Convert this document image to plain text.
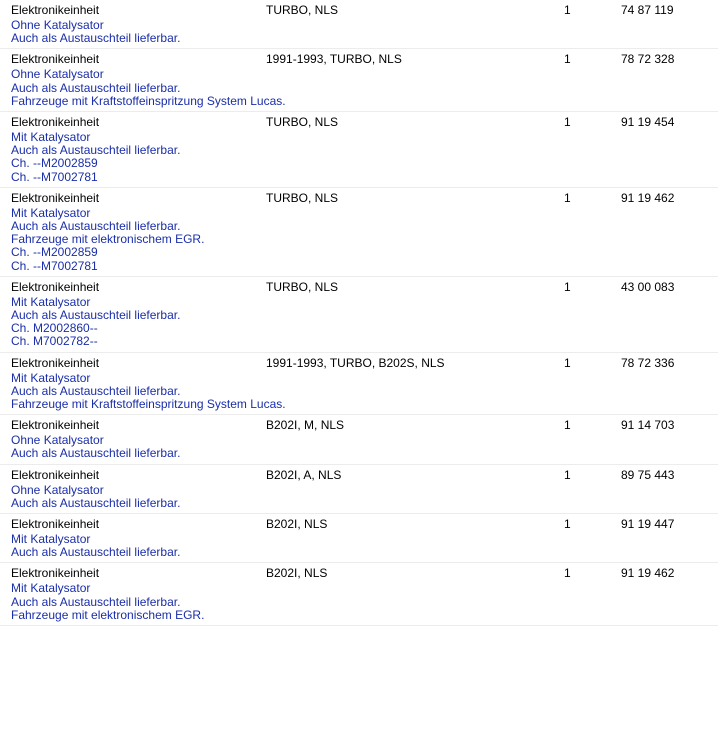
Elektronikeinheit	TURBO, NLS	1	74 87 119
Ohne Katalysator
Auch als Austauschteil lieferbar.
Elektronikeinheit	1991-1993, TURBO, NLS	1	78 72 328
Ohne Katalysator
Auch als Austauschteil lieferbar.
Fahrzeuge mit Kraftstoffeinspritzung System Lucas.
Elektronikeinheit	TURBO, NLS	1	91 19 454
Mit Katalysator
Auch als Austauschteil lieferbar.
Ch. --M2002859
Ch. --M7002781
Elektronikeinheit	TURBO, NLS	1	91 19 462
Mit Katalysator
Auch als Austauschteil lieferbar.
Fahrzeuge mit elektronischem EGR.
Ch. --M2002859
Ch. --M7002781
Elektronikeinheit	TURBO, NLS	1	43 00 083
Mit Katalysator
Auch als Austauschteil lieferbar.
Ch. M2002860--
Ch. M7002782--
Elektronikeinheit	1991-1993, TURBO, B202S, NLS	1	78 72 336
Mit Katalysator
Auch als Austauschteil lieferbar.
Fahrzeuge mit Kraftstoffeinspritzung System Lucas.
Elektronikeinheit	B202I, M, NLS	1	91 14 703
Ohne Katalysator
Auch als Austauschteil lieferbar.
Elektronikeinheit	B202I, A, NLS	1	89 75 443
Ohne Katalysator
Auch als Austauschteil lieferbar.
Elektronikeinheit	B202I, NLS	1	91 19 447
Mit Katalysator
Auch als Austauschteil lieferbar.
Elektronikeinheit	B202I, NLS	1	91 19 462
Mit Katalysator
Auch als Austauschteil lieferbar.
Fahrzeuge mit elektronischem EGR.
